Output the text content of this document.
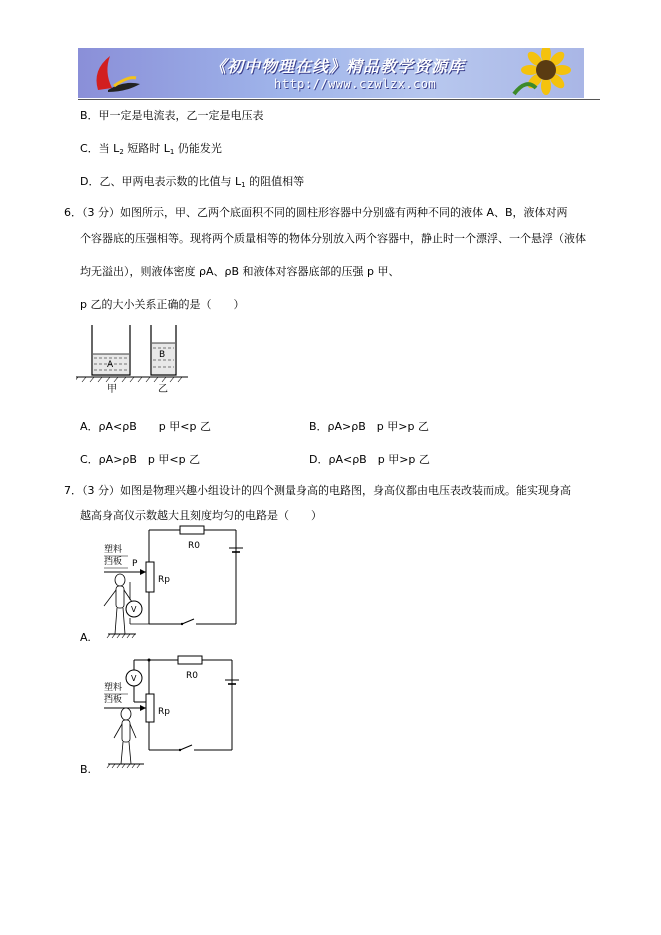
《初中物理在线》精品教学资源库
http://www.czwlzx.com
B．甲一定是电流表，乙一定是电压表
C．当 $L_2$ 短路时 $L_1$ 仍能发光
D．乙、甲两电表示数的比值与 $L_1$ 的阻值相等
6．（3 分）如图所示，甲、乙两个底面积不同的圆柱形容器中分别盛有两种不同的液体 A、B，液体对两
个容器底的压强相等。现将两个质量相等的物体分别放入两个容器中，静止时一个漂浮、一个悬浮（液体
均无溢出），则液体密度 ρA、ρB 和液体对容器底部的压强 p 甲、
p 乙的大小关系正确的是（　　）
A
B
甲	乙
A．ρA<ρB　　p 甲<p 乙	B．ρA>ρB　p 甲>p 乙
C．ρA>ρB　p 甲<p 乙	D．ρA<ρB　p 甲>p 乙
7．（3 分）如图是物理兴趣小组设计的四个测量身高的电路图，身高仪都由电压表改装而成。能实现身高
越高身高仪示数越大且刻度均匀的电路是（　　）
R0
Rp
P
塑料
挡板
V
A.
R0
V
Rp
塑料
挡板
B.
